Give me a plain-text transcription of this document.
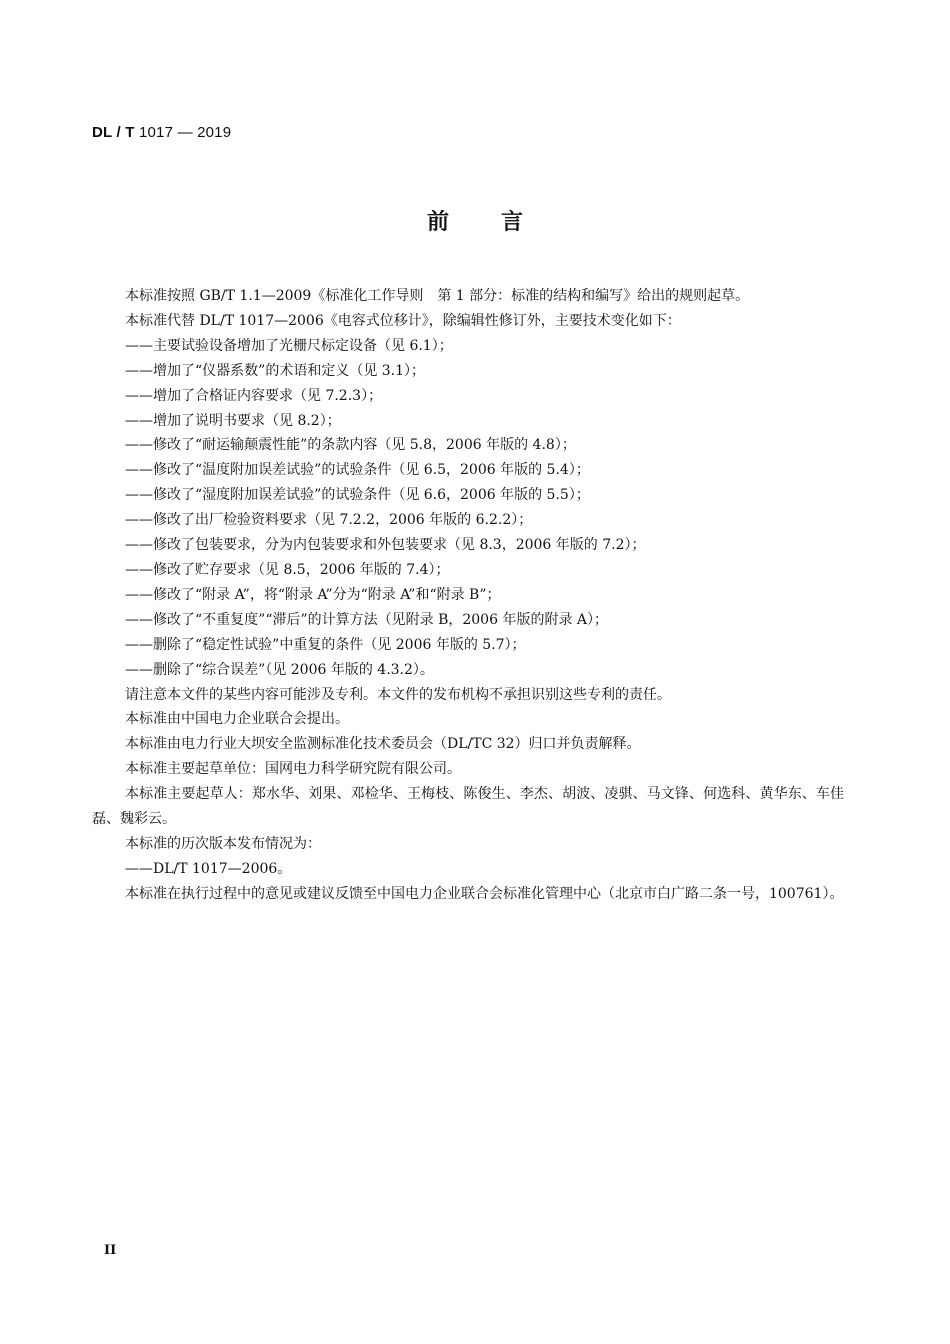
DL / T 1017 — 2019
前言

本标准按照 GB/T 1.1—2009《标准化工作导则　第 1 部分：标准的结构和编写》给出的规则起草。

本标准代替 DL/T 1017—2006《电容式位移计》，除编辑性修订外，主要技术变化如下：

——主要试验设备增加了光栅尺标定设备（见 6.1）；

——增加了“仪器系数”的术语和定义（见 3.1）；

——增加了合格证内容要求（见 7.2.3）；

——增加了说明书要求（见 8.2）；

——修改了“耐运输颠震性能”的条款内容（见 5.8，2006 年版的 4.8）；

——修改了“温度附加误差试验”的试验条件（见 6.5，2006 年版的 5.4）；

——修改了“湿度附加误差试验”的试验条件（见 6.6，2006 年版的 5.5）；

——修改了出厂检验资料要求（见 7.2.2，2006 年版的 6.2.2）；

——修改了包装要求，分为内包装要求和外包装要求（见 8.3，2006 年版的 7.2）；

——修改了贮存要求（见 8.5，2006 年版的 7.4）；

——修改了“附录 A”，将“附录 A”分为“附录 A”和“附录 B”；

——修改了“不重复度”“滞后”的计算方法（见附录 B，2006 年版的附录 A）；

——删除了“稳定性试验”中重复的条件（见 2006 年版的 5.7）；

——删除了“综合误差”（见 2006 年版的 4.3.2）。

请注意本文件的某些内容可能涉及专利。本文件的发布机构不承担识别这些专利的责任。

本标准由中国电力企业联合会提出。

本标准由电力行业大坝安全监测标准化技术委员会（DL/TC 32）归口并负责解释。

本标准主要起草单位：国网电力科学研究院有限公司。

本标准主要起草人：郑水华、刘果、邓检华、王梅枝、陈俊生、李杰、胡波、凌骐、马文锋、何选科、黄华东、车佳磊、魏彩云。

本标准的历次版本发布情况为：

——DL/T 1017—2006。

本标准在执行过程中的意见或建议反馈至中国电力企业联合会标准化管理中心（北京市白广路二条一号，100761）。

II
